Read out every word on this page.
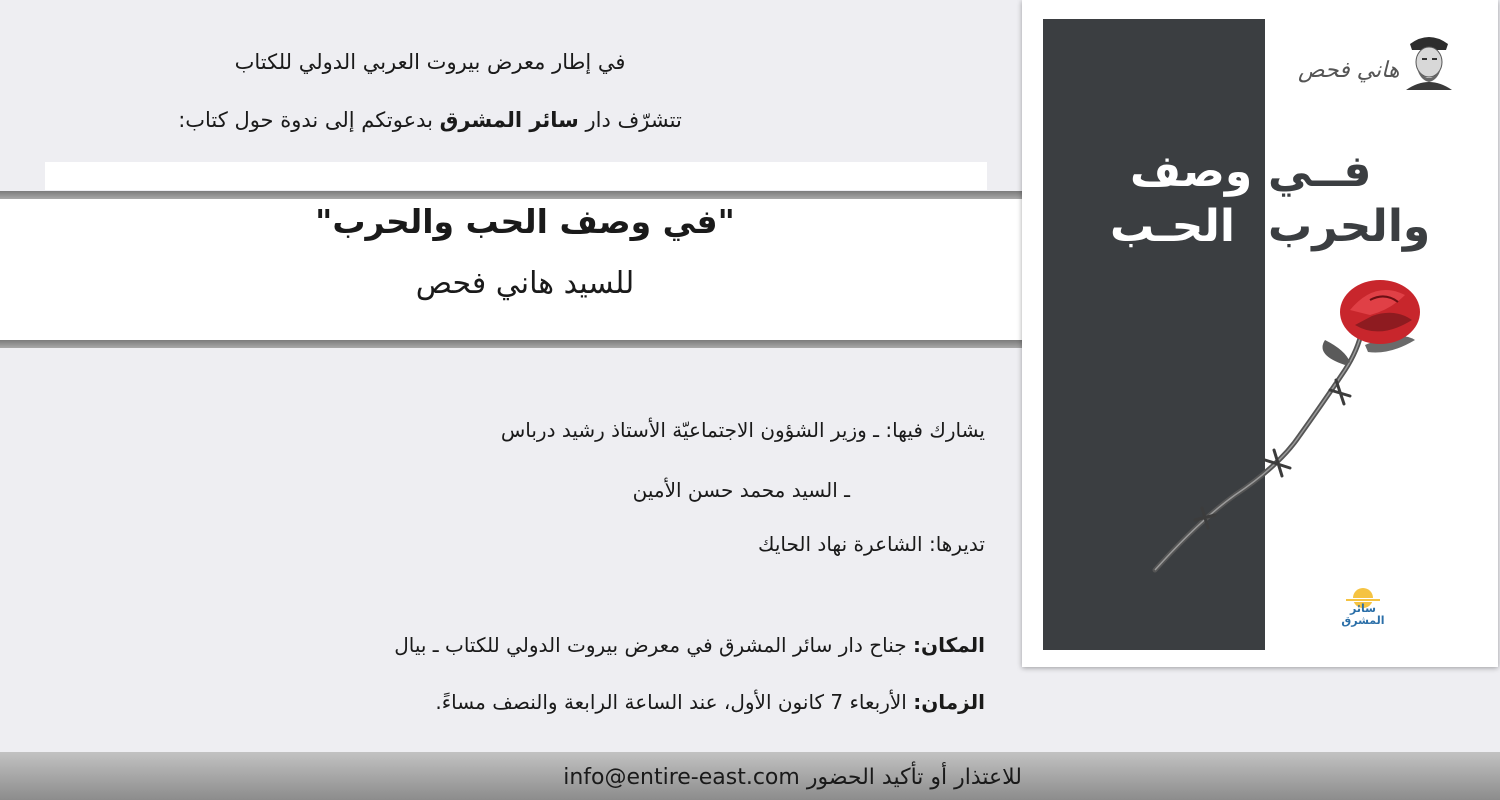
في إطار معرض بيروت العربي الدولي للكتاب
تتشرّف دار سائر المشرق بدعوتكم إلى ندوة حول كتاب:
"في وصف الحب والحرب"
للسيد هاني فحص
يشارك فيها: ـ وزير الشؤون الاجتماعيّة الأستاذ رشيد درباس
ـ السيد محمد حسن الأمين
تديرها: الشاعرة نهاد الحايك
المكان: جناح دار سائر المشرق في معرض بيروت الدولي للكتاب ـ بيال
الزمان: الأربعاء 7 كانون الأول، عند الساعة الرابعة والنصف مساءً.
للاعتذار أو تأكيد الحضور info@entire-east.com
هاني فحص
فــي
وصف
والحرب
الحـب
سائر
المشرق
